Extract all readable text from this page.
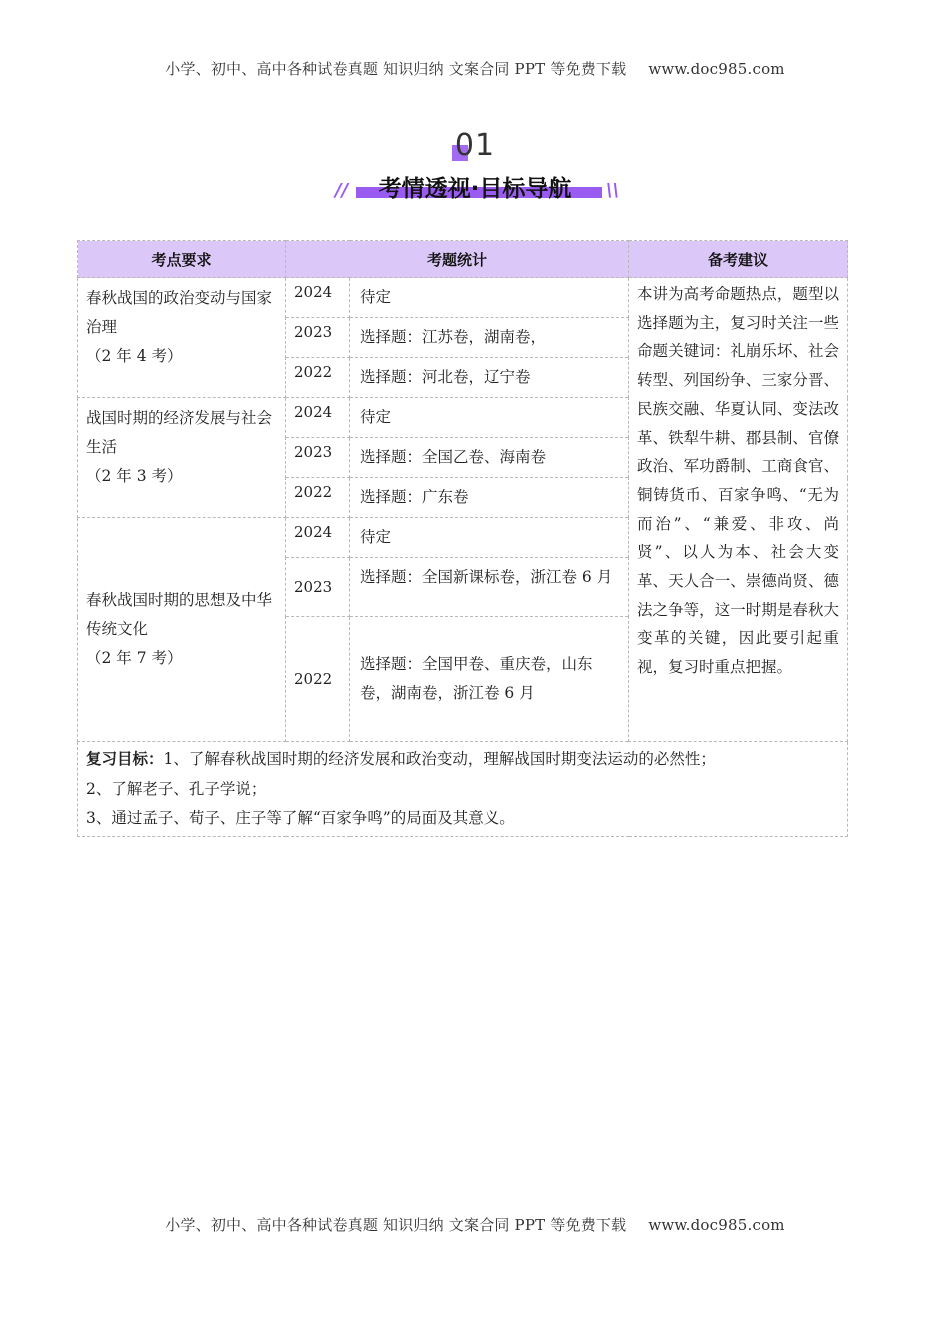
小学、初中、高中各种试卷真题 知识归纳 文案合同 PPT 等免费下载 www.doc985.com
01
//	\\
考情透视·目标导航
考点要求	考题统计		备考建议

春秋战国的政治变动与国家治理
（2 年 4 考）	2024	待定	本讲为高考命题热点，题型以选择题为主，复习时关注一些命题关键词：礼崩乐坏、社会转型、列国纷争、三家分晋、民族交融、华夏认同、变法改革、铁犁牛耕、郡县制、官僚政治、军功爵制、工商食官、铜铸货币、百家争鸣、“无为而治”、“兼爱、非攻、尚贤”、以人为本、社会大变革、天人合一、崇德尚贤、德法之争等，这一时期是春秋大变革的关键，因此要引起重视，复习时重点把握。
	2023	选择题：江苏卷，湖南卷，	
	2022	选择题：河北卷，辽宁卷	

战国时期的经济发展与社会生活
（2 年 3 考）	2024	待定	
	2023	选择题：全国乙卷、海南卷	
	2022	选择题：广东卷	

春秋战国时期的思想及中华传统文化
（2 年 7 考）	2024	待定	
	2023	选择题：全国新课标卷，浙江卷 6 月	
	2022	选择题：全国甲卷、重庆卷，山东卷，湖南卷，浙江卷 6 月	

复习目标：1、了解春秋战国时期的经济发展和政治变动，理解战国时期变法运动的必然性；
2、了解老子、孔子学说；
3、通过孟子、荀子、庄子等了解“百家争鸣”的局面及其意义。			
小学、初中、高中各种试卷真题 知识归纳 文案合同 PPT 等免费下载 www.doc985.com
